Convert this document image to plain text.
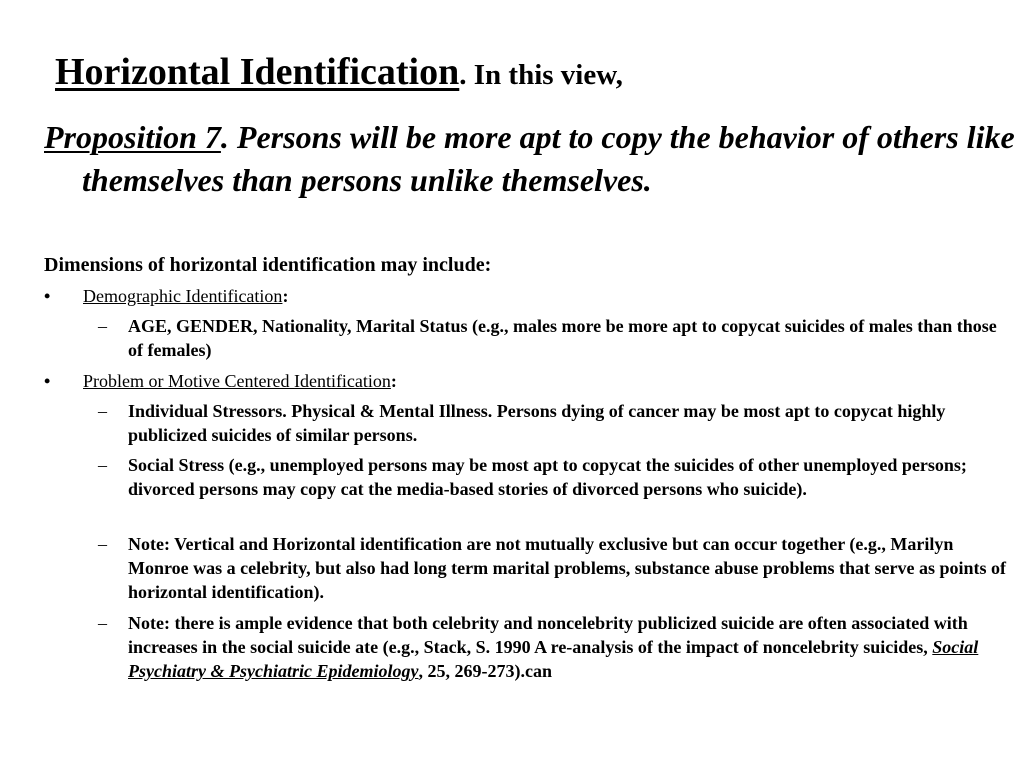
Horizontal Identification. In this view,
Proposition 7. Persons will be more apt to copy the behavior of others like themselves than persons unlike themselves.
Dimensions of horizontal identification may include:
• Demographic Identification:
– AGE, GENDER, Nationality, Marital Status (e.g., males more be more apt to copycat suicides of males than those of females)
• Problem or Motive Centered Identification:
– Individual Stressors. Physical & Mental Illness. Persons dying of cancer may be most apt to copycat highly publicized suicides of similar persons.
– Social Stress (e.g., unemployed persons may be most apt to copycat the suicides of other unemployed persons; divorced persons may copy cat the media-based stories of divorced persons who suicide).
– Note: Vertical and Horizontal identification are not mutually exclusive but can occur together (e.g., Marilyn Monroe was a celebrity, but also had long term marital problems, substance abuse problems that serve as points of horizontal identification).
– Note: there is ample evidence that both celebrity and noncelebrity publicized suicide are often associated with increases in the social suicide ate (e.g., Stack, S. 1990 A re-analysis of the impact of noncelebrity suicides, Social Psychiatry & Psychiatric Epidemiology, 25, 269-273).can
